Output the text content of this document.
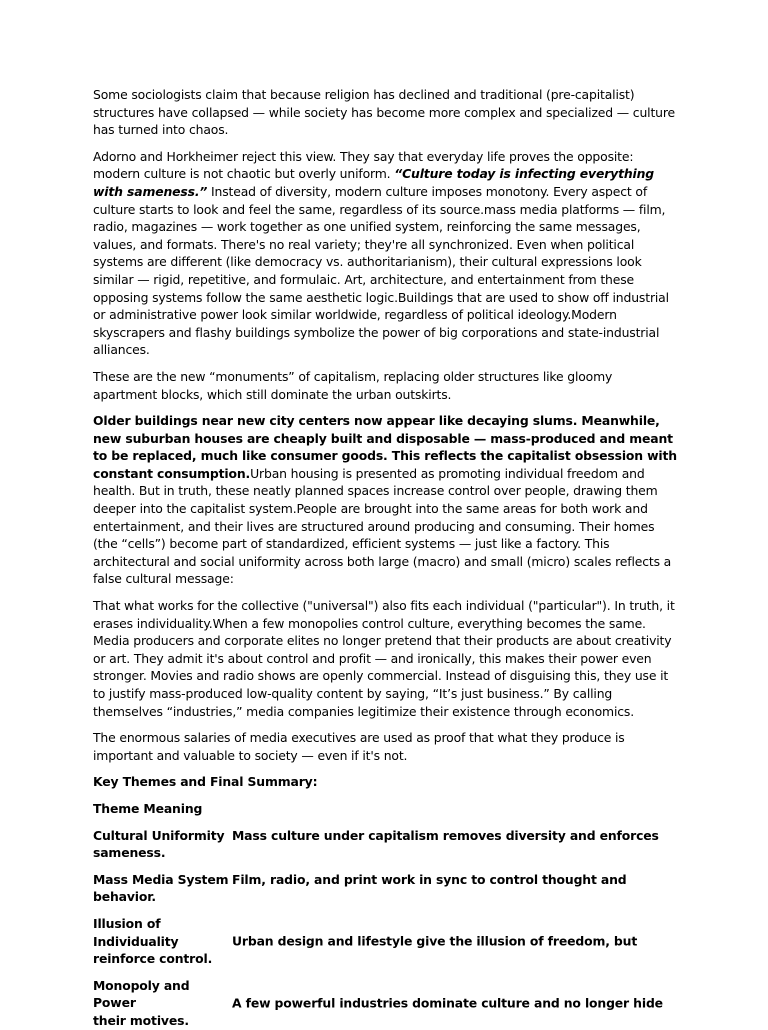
Some sociologists claim that because religion has declined and traditional (pre-capitalist) structures have collapsed — while society has become more complex and specialized — culture has turned into chaos.

Adorno and Horkheimer reject this view. They say that everyday life proves the opposite: modern culture is not chaotic but overly uniform. “Culture today is infecting everything with sameness.” Instead of diversity, modern culture imposes monotony. Every aspect of culture starts to look and feel the same, regardless of its source.mass media platforms — film, radio, magazines — work together as one unified system, reinforcing the same messages, values, and formats. There's no real variety; they're all synchronized. Even when political systems are different (like democracy vs. authoritarianism), their cultural expressions look similar — rigid, repetitive, and formulaic. Art, architecture, and entertainment from these opposing systems follow the same aesthetic logic.Buildings that are used to show off industrial or administrative power look similar worldwide, regardless of political ideology.Modern skyscrapers and flashy buildings symbolize the power of big corporations and state-industrial alliances.

These are the new “monuments” of capitalism, replacing older structures like gloomy apartment blocks, which still dominate the urban outskirts.

Older buildings near new city centers now appear like decaying slums. Meanwhile, new suburban houses are cheaply built and disposable — mass-produced and meant to be replaced, much like consumer goods. This reflects the capitalist obsession with constant consumption.Urban housing is presented as promoting individual freedom and health. But in truth, these neatly planned spaces increase control over people, drawing them deeper into the capitalist system.People are brought into the same areas for both work and entertainment, and their lives are structured around producing and consuming. Their homes (the “cells”) become part of standardized, efficient systems — just like a factory. This architectural and social uniformity across both large (macro) and small (micro) scales reflects a false cultural message:

That what works for the collective ("universal") also fits each individual ("particular"). In truth, it erases individuality.When a few monopolies control culture, everything becomes the same. Media producers and corporate elites no longer pretend that their products are about creativity or art. They admit it's about control and profit — and ironically, this makes their power even stronger. Movies and radio shows are openly commercial. Instead of disguising this, they use it to justify mass-produced low-quality content by saying, “It’s just business.” By calling themselves “industries,” media companies legitimize their existence through economics.

The enormous salaries of media executives are used as proof that what they produce is important and valuable to society — even if it's not.

Key Themes and Final Summary:
Theme Meaning
Cultural Uniformity Mass culture under capitalism removes diversity and enforces sameness.
Mass Media System Film, radio, and print work in sync to control thought and behavior.
Illusion of Individuality	Urban design and lifestyle give the illusion of freedom, but reinforce control.
Monopoly and Power	A few powerful industries dominate culture and no longer hide their motives.
